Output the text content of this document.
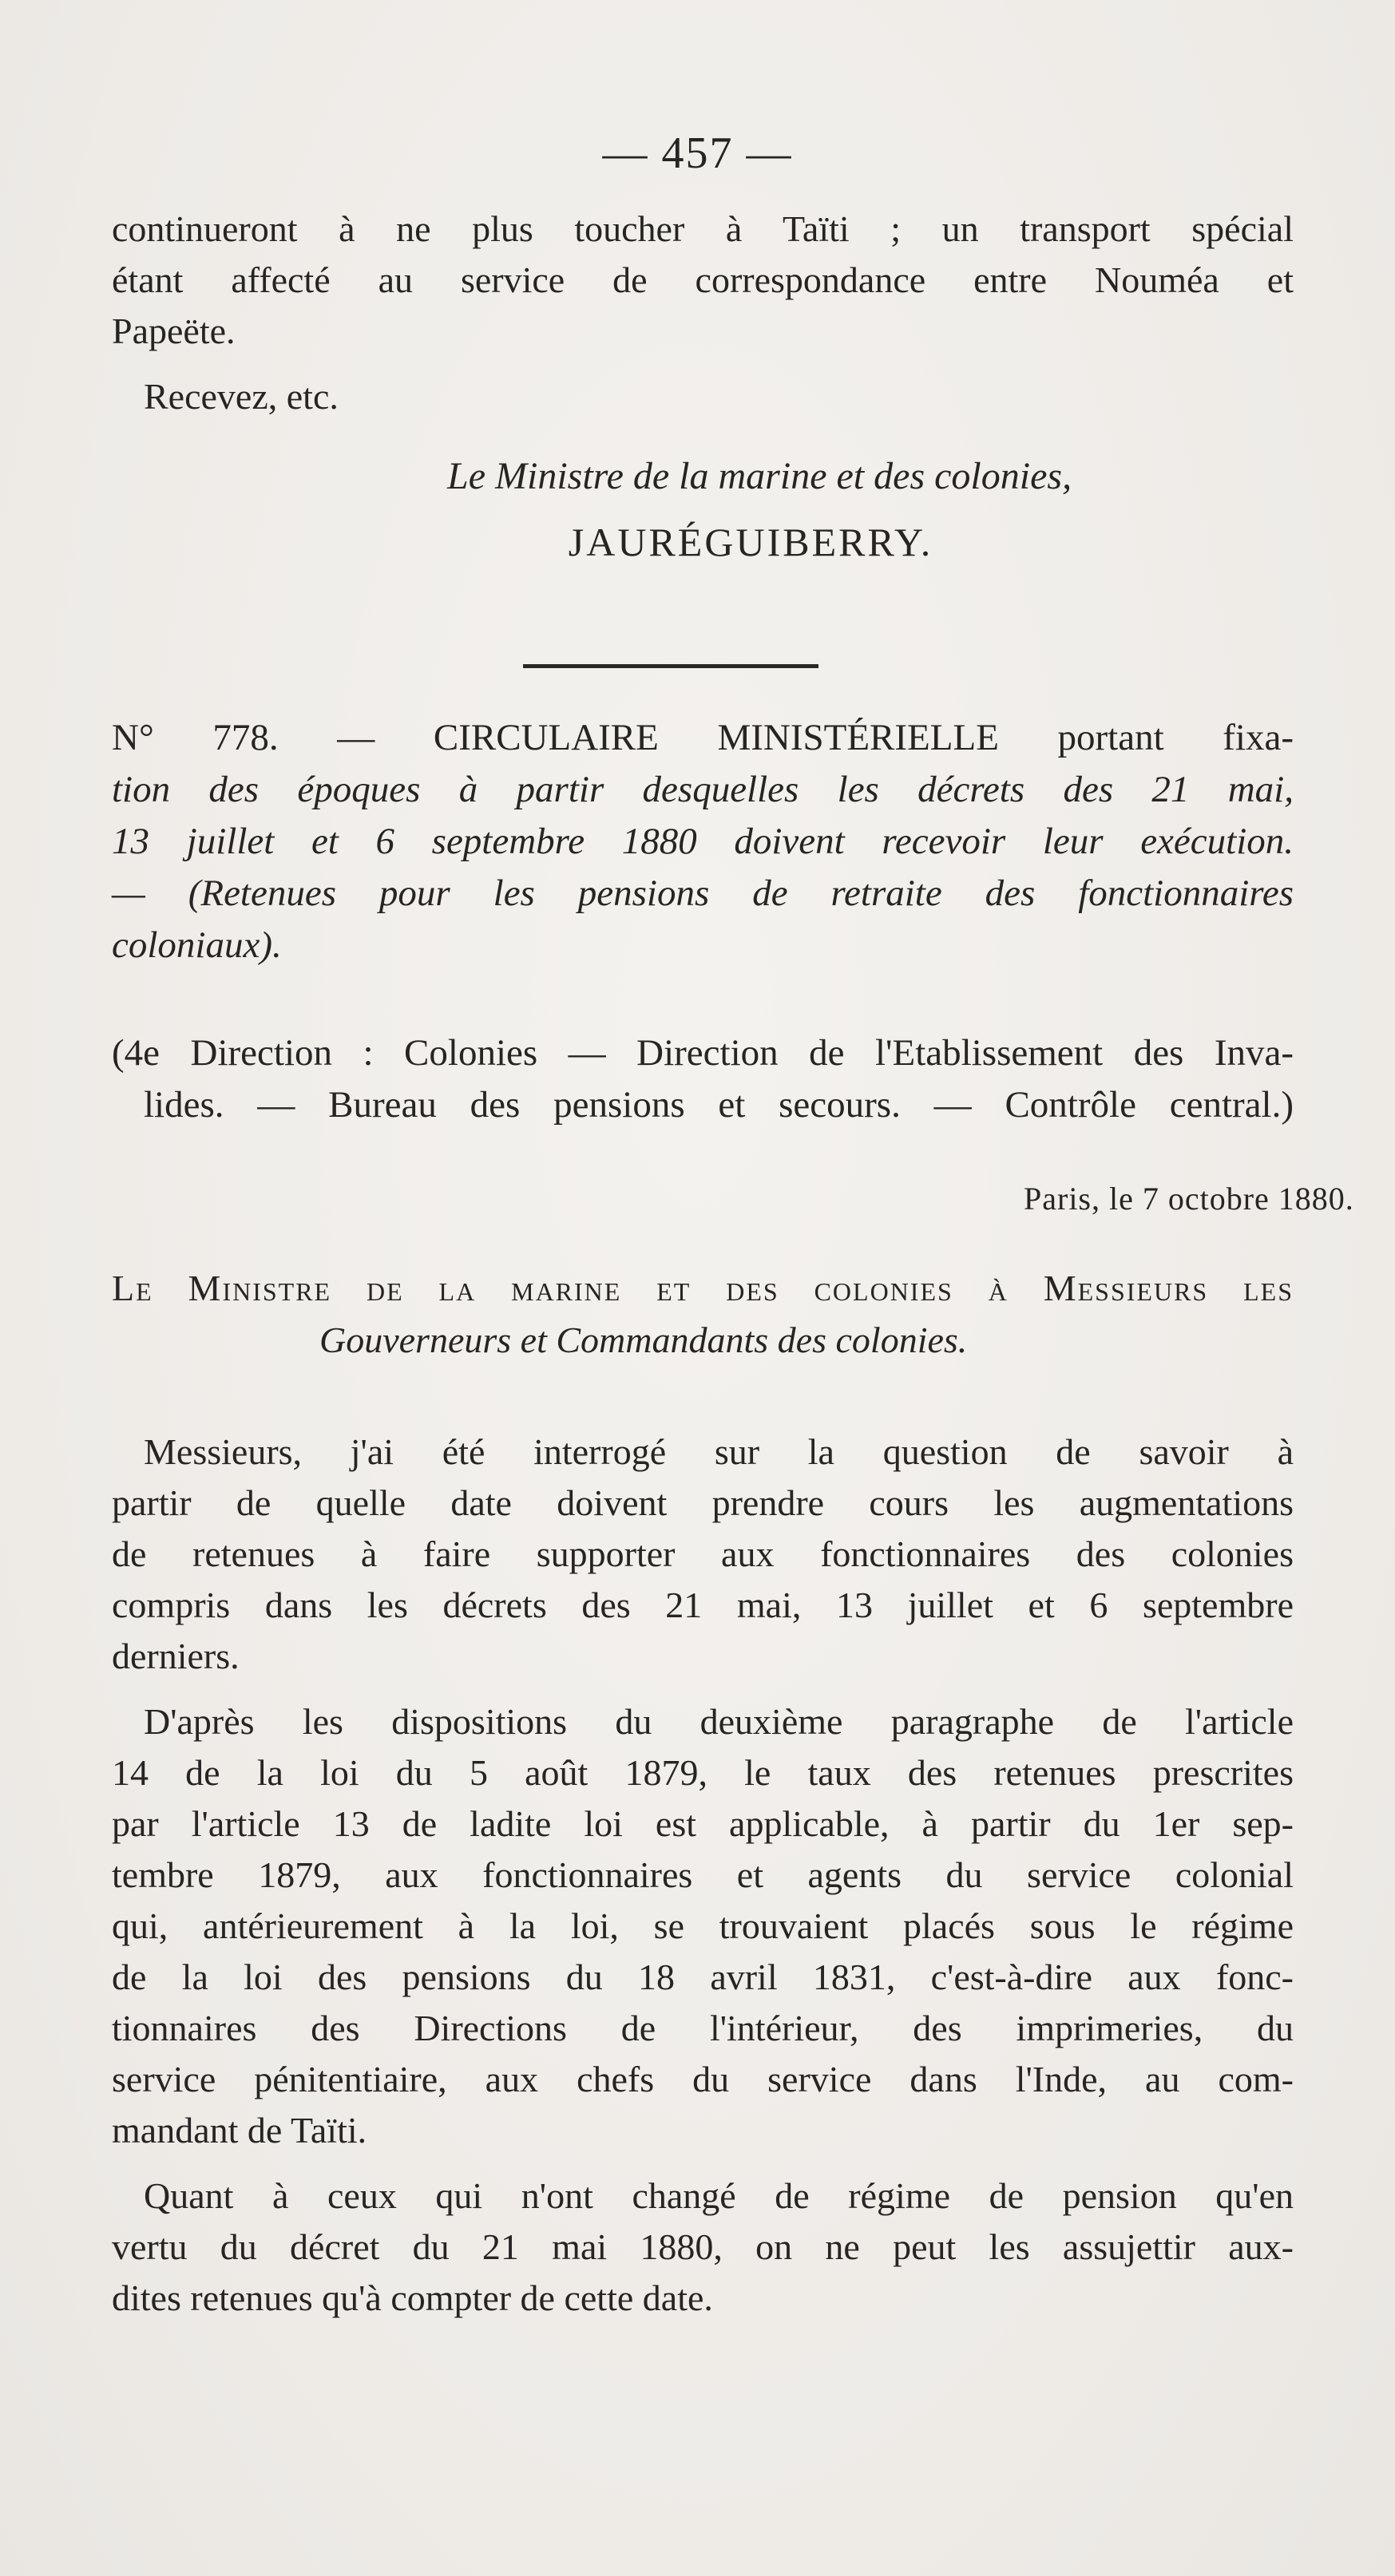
— 457 —
continueront à ne plus toucher à Taïti ; un transport spécial
étant affecté au service de correspondance entre Nouméa et
Papeëte.
Recevez, etc.
Le Ministre de la marine et des colonies,
JAURÉGUIBERRY.
N° 778. — CIRCULAIRE MINISTÉRIELLE portant fixa-
tion des époques à partir desquelles les décrets des 21 mai,
13 juillet et 6 septembre 1880 doivent recevoir leur exécution.
— (Retenues pour les pensions de retraite des fonctionnaires
coloniaux).
(4e Direction : Colonies — Direction de l'Etablissement des Inva-
lides. — Bureau des pensions et secours. — Contrôle central.)
Paris, le 7 octobre 1880.
Le Ministre de la marine et des colonies à Messieurs les
Gouverneurs et Commandants des colonies.
Messieurs, j'ai été interrogé sur la question de savoir à
partir de quelle date doivent prendre cours les augmentations
de retenues à faire supporter aux fonctionnaires des colonies
compris dans les décrets des 21 mai, 13 juillet et 6 septembre
derniers.
D'après les dispositions du deuxième paragraphe de l'article
14 de la loi du 5 août 1879, le taux des retenues prescrites
par l'article 13 de ladite loi est applicable, à partir du 1er sep-
tembre 1879, aux fonctionnaires et agents du service colonial
qui, antérieurement à la loi, se trouvaient placés sous le régime
de la loi des pensions du 18 avril 1831, c'est-à-dire aux fonc-
tionnaires des Directions de l'intérieur, des imprimeries, du
service pénitentiaire, aux chefs du service dans l'Inde, au com-
mandant de Taïti.
Quant à ceux qui n'ont changé de régime de pension qu'en
vertu du décret du 21 mai 1880, on ne peut les assujettir aux-
dites retenues qu'à compter de cette date.
